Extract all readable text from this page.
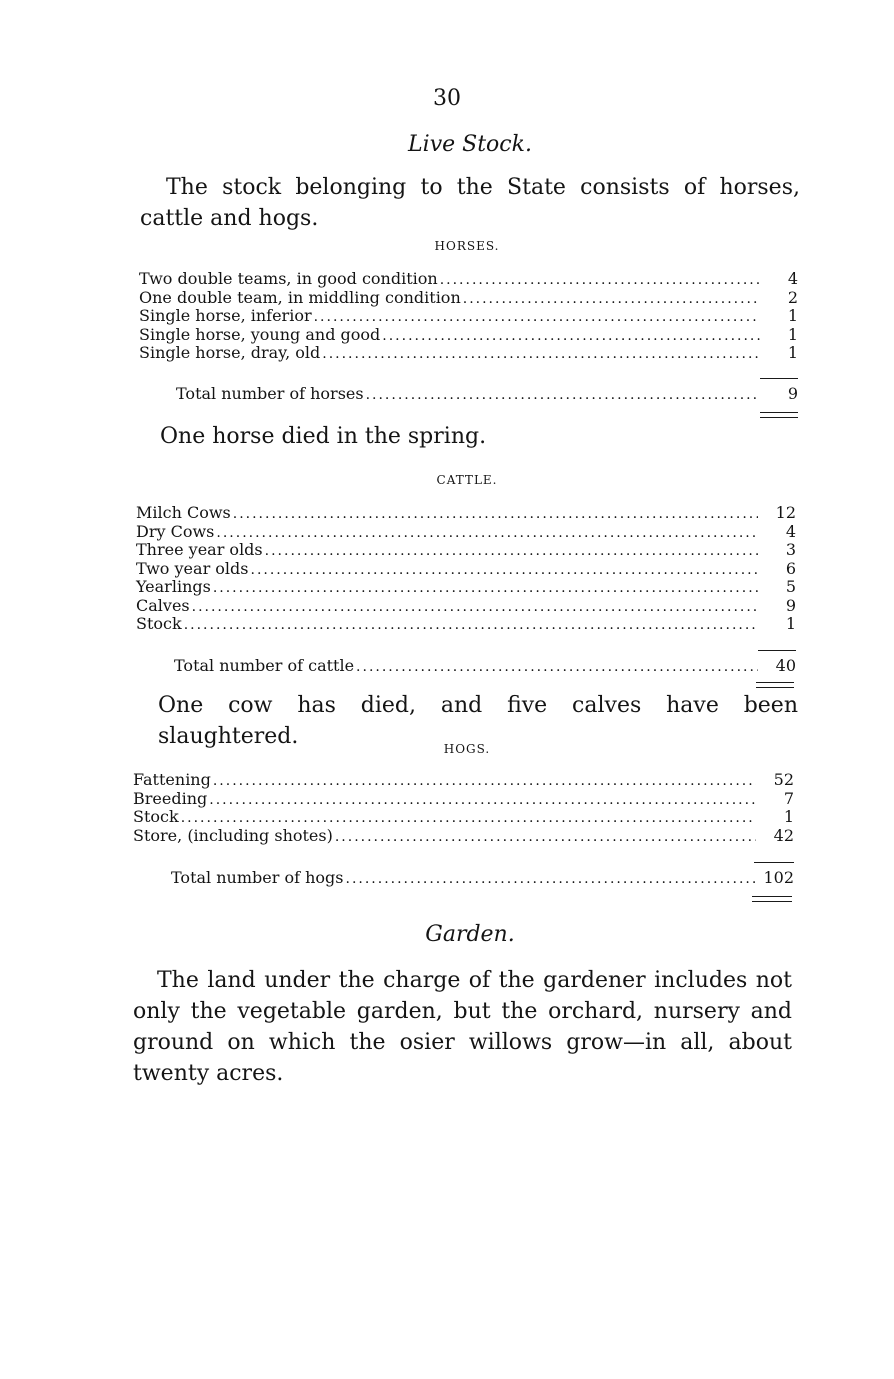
30
Live Stock.

The stock belonging to the State consists of horses, cattle and hogs.

HORSES.
Two double teams, in good condition .....	4
One double team, in middling condition .....	2
Single horse, inferior .....	1
Single horse, young and good .....	1
Single horse, dray, old .....	1
Total number of horses .....	9

One horse died in the spring.

CATTLE.
Milch Cows .....	12
Dry Cows .....	4
Three year olds .....	3
Two year olds .....	6
Yearlings .....	5
Calves .....	9
Stock .....	1
Total number of cattle .....	40

One cow has died, and five calves have been slaughtered.	HOGS.
Fattening .....	52
Breeding .....	7
Stock .....	1
Store, (including shotes) .....	42
Total number of hogs .....	102
Garden.

The land under the charge of the gardener includes not only the vegetable garden, but the orchard, nursery and ground on which the osier willows grow—in all, about twenty acres.
